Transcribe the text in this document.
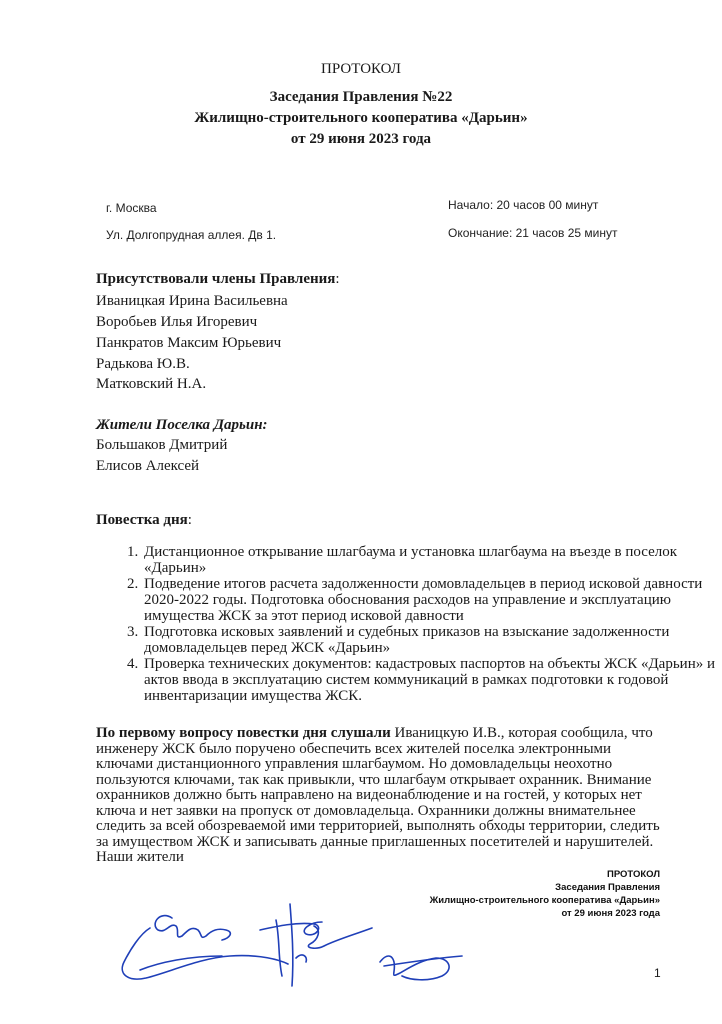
ПРОТОКОЛ
Заседания Правления №22
Жилищно-строительного кооператива «Дарьин»
от 29 июня 2023 года
г. Москва
Ул. Долгопрудная аллея. Дв 1.
Начало: 20 часов 00 минут
Окончание: 21 часов 25 минут
Присутствовали члены Правления:
Иваницкая Ирина Васильевна
Воробьев Илья Игоревич
Панкратов Максим Юрьевич
Радькова Ю.В.
Матковский Н.А.
Жители Поселка Дарьин:
Большаков Дмитрий
Елисов Алексей
Повестка дня:
1. Дистанционное открывание шлагбаума и установка шлагбаума на въезде в поселок «Дарьин»
2. Подведение итогов расчета задолженности домовладельцев в период исковой давности 2020-2022 годы. Подготовка обоснования расходов на управление и эксплуатацию имущества ЖСК за этот период исковой давности
3. Подготовка исковых заявлений и судебных приказов на взыскание задолженности домовладельцев перед ЖСК «Дарьин»
4. Проверка технических документов: кадастровых паспортов на объекты ЖСК «Дарьин» и актов ввода в эксплуатацию систем коммуникаций в рамках подготовки к годовой инвентаризации имущества ЖСК.

По первому вопросу повестки дня слушали Иваницкую И.В., которая сообщила, что инженеру ЖСК было поручено обеспечить всех жителей поселка электронными ключами дистанционного управления шлагбаумом. Но домовладельцы неохотно пользуются ключами, так как привыкли, что шлагбаум открывает охранник. Внимание охранников должно быть направлено на видеонаблюдение и на гостей, у которых нет ключа и нет заявки на пропуск от домовладельца. Охранники должны внимательнее следить за всей обозреваемой ими территорией, выполнять обходы территории, следить за имуществом ЖСК и записывать данные приглашенных посетителей и нарушителей. Наши жители

ПРОТОКОЛ
Заседания Правления
Жилищно-строительного кооператива «Дарьин»
от 29 июня 2023 года
1
